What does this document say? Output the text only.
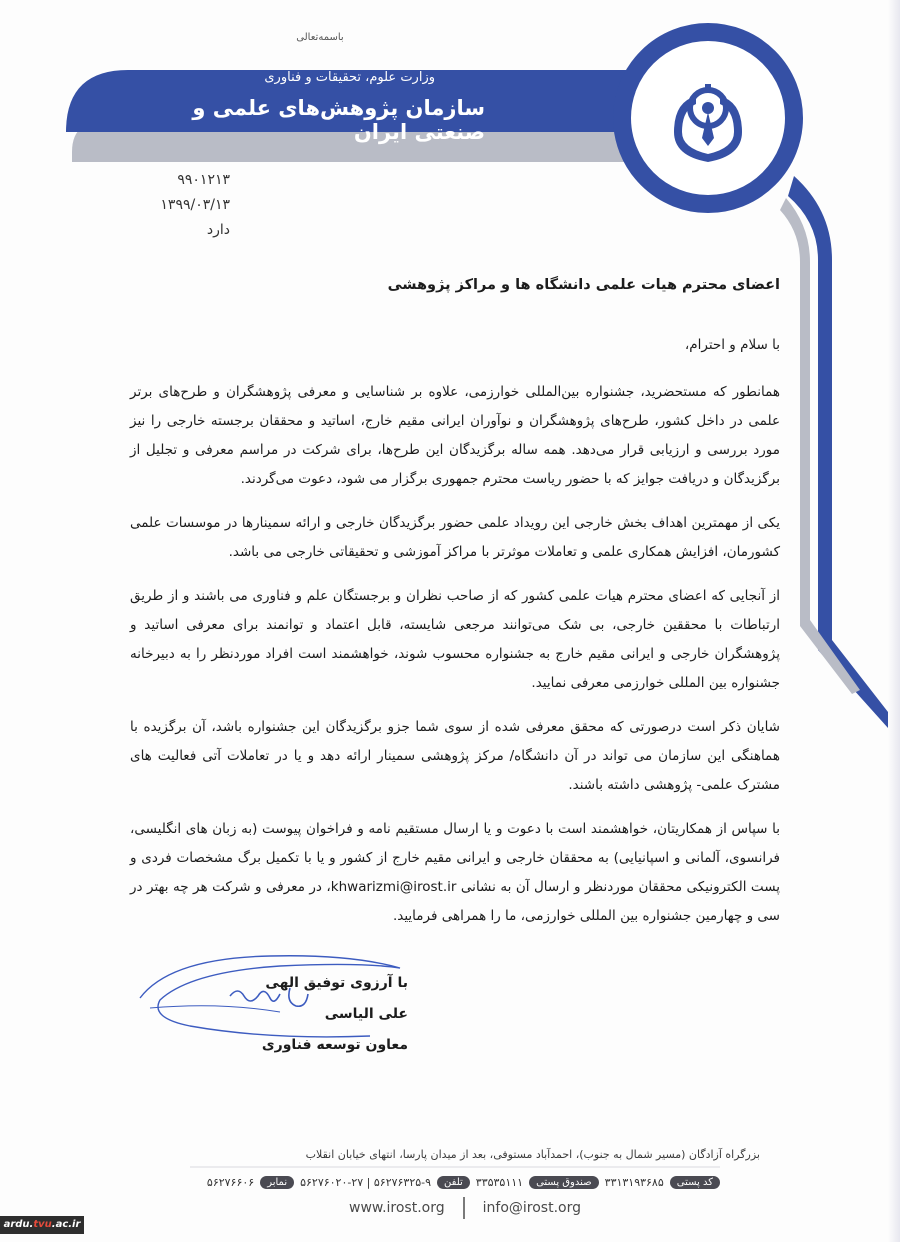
باسمه‌تعالی
وزارت علوم، تحقیقات و فناوری
سازمان پژوهش‌های علمی و صنعتی ایران
۹۹۰۱۲۱۳
۱۳۹۹/۰۳/۱۳
دارد
اعضای محترم هیات علمی دانشگاه ها و مراکز پژوهشی
با سلام و احترام،

همانطور که مستحضرید، جشنواره بین‌المللی خوارزمی، علاوه بر شناسایی و معرفی پژوهشگران و طرح‌های برتر علمی در داخل کشور، طرح‌های پژوهشگران و نوآوران ایرانی مقیم خارج، اساتید و محققان برجسته خارجی را نیز مورد بررسی و ارزیابی قرار می‌دهد. همه ساله برگزیدگان این طرح‌ها، برای شرکت در مراسم معرفی و تجلیل از برگزیدگان و دریافت جوایز که با حضور ریاست محترم جمهوری برگزار می شود، دعوت می‌گردند.

یکی از مهمترین اهداف بخش خارجی این رویداد علمی حضور برگزیدگان خارجی و ارائه سمینارها در موسسات علمی کشورمان، افزایش همکاری علمی و تعاملات موثرتر با مراکز آموزشی و تحقیقاتی خارجی می باشد.

از آنجایی که اعضای محترم هیات علمی کشور که از صاحب نظران و برجستگان علم و فناوری می باشند و از طریق ارتباطات با محققین خارجی، بی شک می‌توانند مرجعی شایسته، قابل اعتماد و توانمند برای معرفی اساتید و پژوهشگران خارجی و ایرانی مقیم خارج به جشنواره محسوب شوند، خواهشمند است افراد موردنظر را به دبیرخانه جشنواره بین المللی خوارزمی معرفی نمایید.

شایان ذکر است درصورتی که محقق معرفی شده از سوی شما جزو برگزیدگان این جشنواره باشد، آن برگزیده با هماهنگی این سازمان می تواند در آن دانشگاه/ مرکز پژوهشی سمینار ارائه دهد و یا در تعاملات آتی فعالیت های مشترک علمی- پژوهشی داشته باشند.

با سپاس از همکاریتان، خواهشمند است با دعوت و یا ارسال مستقیم نامه و فراخوان پیوست (به زبان های انگلیسی، فرانسوی، آلمانی و اسپانیایی) به محققان خارجی و ایرانی مقیم خارج از کشور و یا با تکمیل برگ مشخصات فردی و پست الکترونیکی محققان موردنظر و ارسال آن به نشانی khwarizmi@irost.ir، در معرفی و شرکت هر چه بهتر در سی و چهارمین جشنواره بین المللی خوارزمی، ما را همراهی فرمایید.

با آرزوی توفیق الهی
علی الیاسی
معاون توسعه فناوری
بزرگراه آزادگان (مسیر شمال به جنوب)، احمدآباد مستوفی، بعد از میدان پارسا، انتهای خیابان انقلاب
کد پستی
۳۳۱۳۱۹۳۶۸۵
صندوق پستی
۳۳۵۳۵۱۱۱
تلفن
۵۶۲۷۶۳۲۵-۹ | ۵۶۲۷۶۰۲۰-۲۷
نمابر
۵۶۲۷۶۶۰۶
www.irost.org	info@irost.org
ardu.tvu.ac.ir
